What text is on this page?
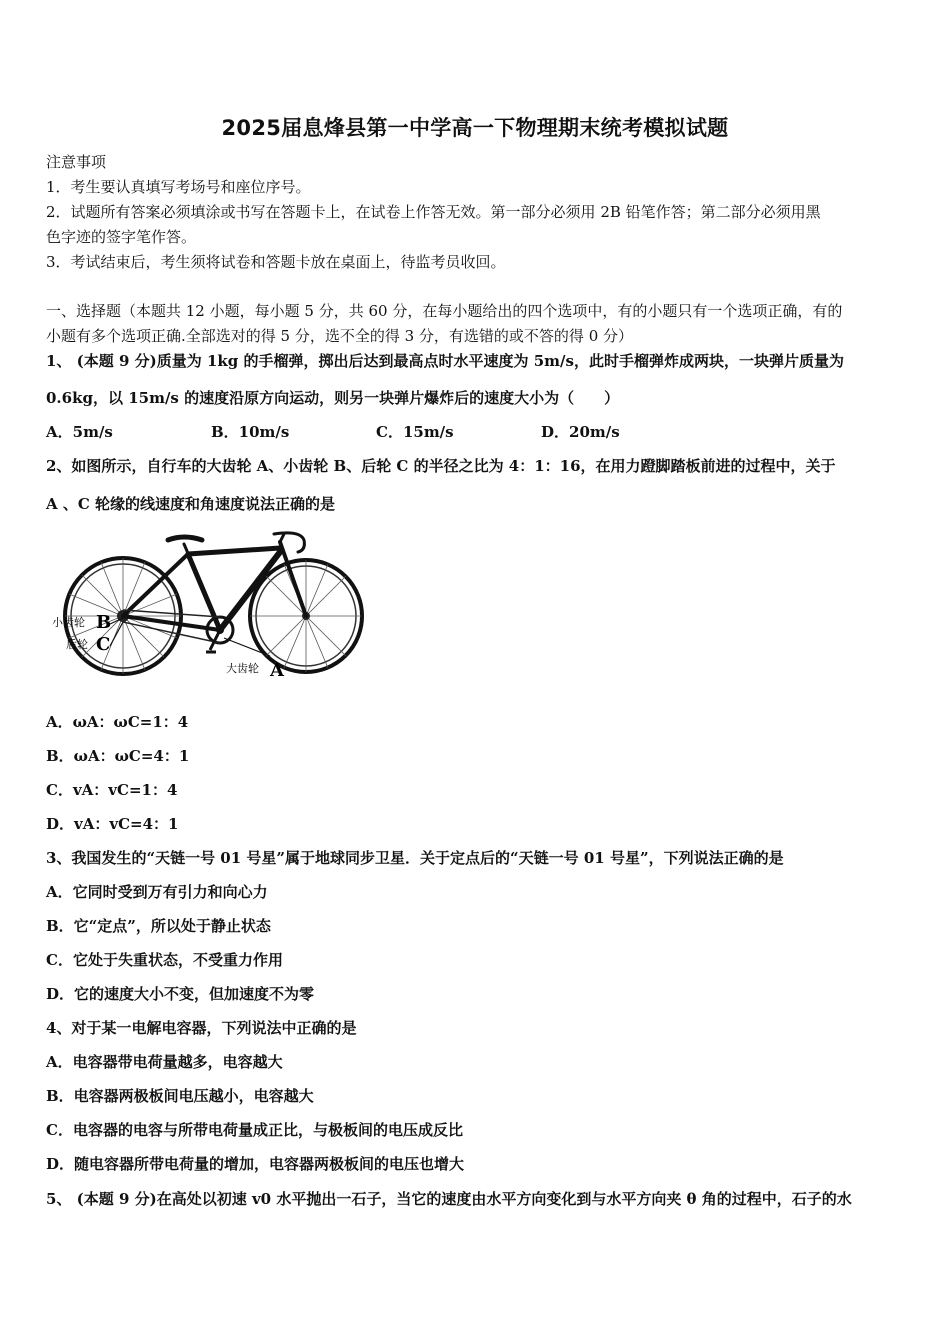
2025届息烽县第一中学高一下物理期末统考模拟试题
注意事项
1．考生要认真填写考场号和座位序号。
2．试题所有答案必须填涂或书写在答题卡上，在试卷上作答无效。第一部分必须用 2B 铅笔作答；第二部分必须用黑
色字迹的签字笔作答。
3．考试结束后，考生须将试卷和答题卡放在桌面上，待监考员收回。
一、选择题（本题共 12 小题，每小题 5 分，共 60 分，在每小题给出的四个选项中，有的小题只有一个选项正确，有的
小题有多个选项正确.全部选对的得 5 分，选不全的得 3 分，有选错的或不答的得 0 分）
1、 (本题 9 分)质量为 1kg 的手榴弹，掷出后达到最高点时水平速度为 5m/s，此时手榴弹炸成两块，一块弹片质量为
0.6kg，以 15m/s 的速度沿原方向运动，则另一块弹片爆炸后的速度大小为（　　）
A．5m/s	B．10m/s	C．15m/s	D．20m/s
2、如图所示，自行车的大齿轮 A、小齿轮 B、后轮 C 的半径之比为 4：1：16，在用力蹬脚踏板前进的过程中，关于
A 、C 轮缘的线速度和角速度说法正确的是
小齿轮 B
后轮 C
大齿轮 A
A．ωA：ωC=1：4
B．ωA：ωC=4：1
C．vA：vC=1：4
D．vA：vC=4：1
3、我国发生的“天链一号 01 号星”属于地球同步卫星．关于定点后的“天链一号 01 号星”，下列说法正确的是
A．它同时受到万有引力和向心力
B．它“定点”，所以处于静止状态
C．它处于失重状态，不受重力作用
D．它的速度大小不变，但加速度不为零
4、对于某一电解电容器，下列说法中正确的是
A．电容器带电荷量越多，电容越大
B．电容器两极板间电压越小，电容越大
C．电容器的电容与所带电荷量成正比，与极板间的电压成反比
D．随电容器所带电荷量的增加，电容器两极板间的电压也增大
5、 (本题 9 分)在高处以初速 v0 水平抛出一石子，当它的速度由水平方向变化到与水平方向夹 θ 角的过程中，石子的水
